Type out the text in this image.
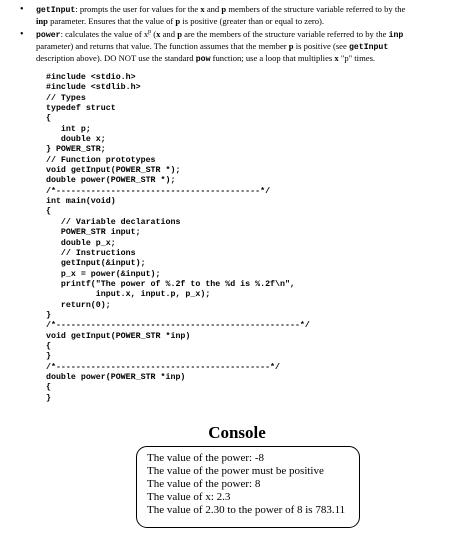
• getInput: prompts the user for values for the x and p members of the structure variable referred to by the
inp parameter. Ensures that the value of p is positive (greater than or equal to zero).
• power: calculates the value of $x^p$ (x and p are the members of the structure variable referred to by the inp
parameter) and returns that value. The function assumes that the member p is positive (see getInput
description above). DO NOT use the standard pow function; use a loop that multiplies x "p" times.
#include <stdio.h>
#include <stdlib.h>
// Types
typedef struct
{
int p;
double x;
} POWER_STR;
// Function prototypes
void getInput(POWER_STR *);
double power(POWER_STR *);
/*-----------------------------------------*/
int main(void)
{
// Variable declarations
POWER_STR input;
double p_x;
// Instructions
getInput(&input);
p_x = power(&input);
printf("The power of %.2f to the %d is %.2f\n",
input.x, input.p, p_x);
return(0);
}
/*-------------------------------------------------*/
void getInput(POWER_STR *inp)
{
}
/*-------------------------------------------*/
double power(POWER_STR *inp)
{
}
Console
The value of the power: -8
The value of the power must be positive
The value of the power: 8
The value of x: 2.3
The value of 2.30 to the power of 8 is 783.11
